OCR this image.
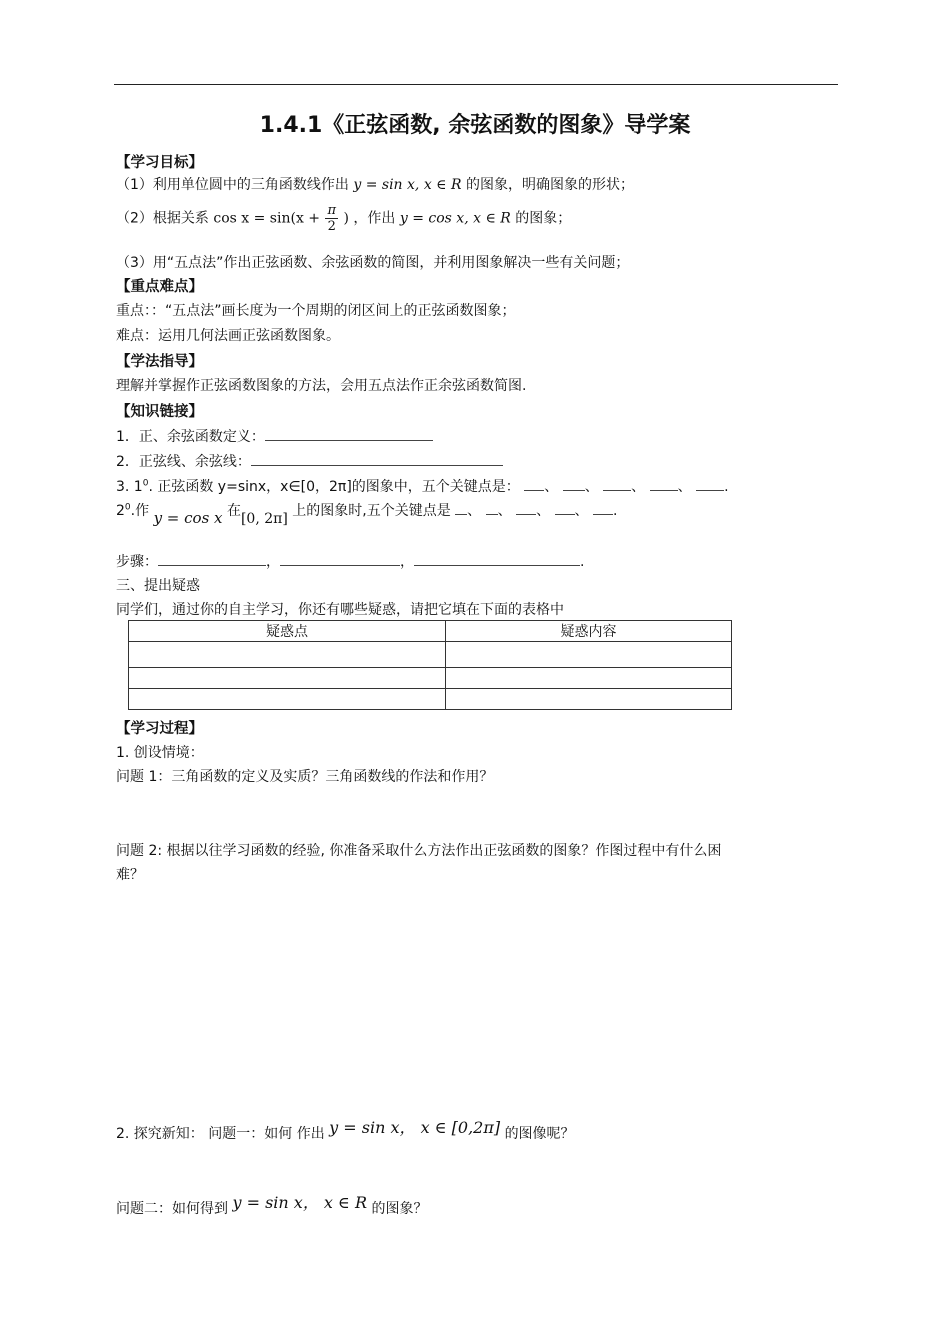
1.4.1《正弦函数, 余弦函数的图象》导学案
【学习目标】
（1）利用单位圆中的三角函数线作出 y = sin x, x ∈ R 的图象，明确图象的形状；
（2）根据关系 $\cos x = \sin(x + \frac{\pi}{2}$ ) ，作出 y = cos x, x ∈ R 的图象；
（3）用“五点法”作出正弦函数、余弦函数的简图，并利用图象解决一些有关问题；
【重点难点】
重点：：“五点法”画长度为一个周期的闭区间上的正弦函数图象；
难点：运用几何法画正弦函数图象。
【学法指导】
理解并掌握作正弦函数图象的方法，会用五点法作正余弦函数简图.
【知识链接】
1．正、余弦函数定义：
2．正弦线、余弦线：
3. $1^0$. 正弦函数 y=sinx，x∈[0，2π]的图象中，五个关键点是： 、 、 、 、 .
$2^0$.作 y = cos x 在[0, 2π] 上的图象时,五个关键点是 、 、 、 、 .
步骤：	，	，	.
三、提出疑惑
同学们，通过你的自主学习，你还有哪些疑惑，请把它填在下面的表格中
疑惑点	疑惑内容

【学习过程】
1. 创设情境：
问题 1：三角函数的定义及实质？三角函数线的作法和作用？
问题 2: 根据以往学习函数的经验, 你准备采取什么方法作出正弦函数的图象？作图过程中有什么困
难？
2. 探究新知： 问题一：如何 作出 y = sin x， x ∈ [0,2π] 的图像呢？
问题二：如何得到 y = sin x， x ∈ R 的图象？
